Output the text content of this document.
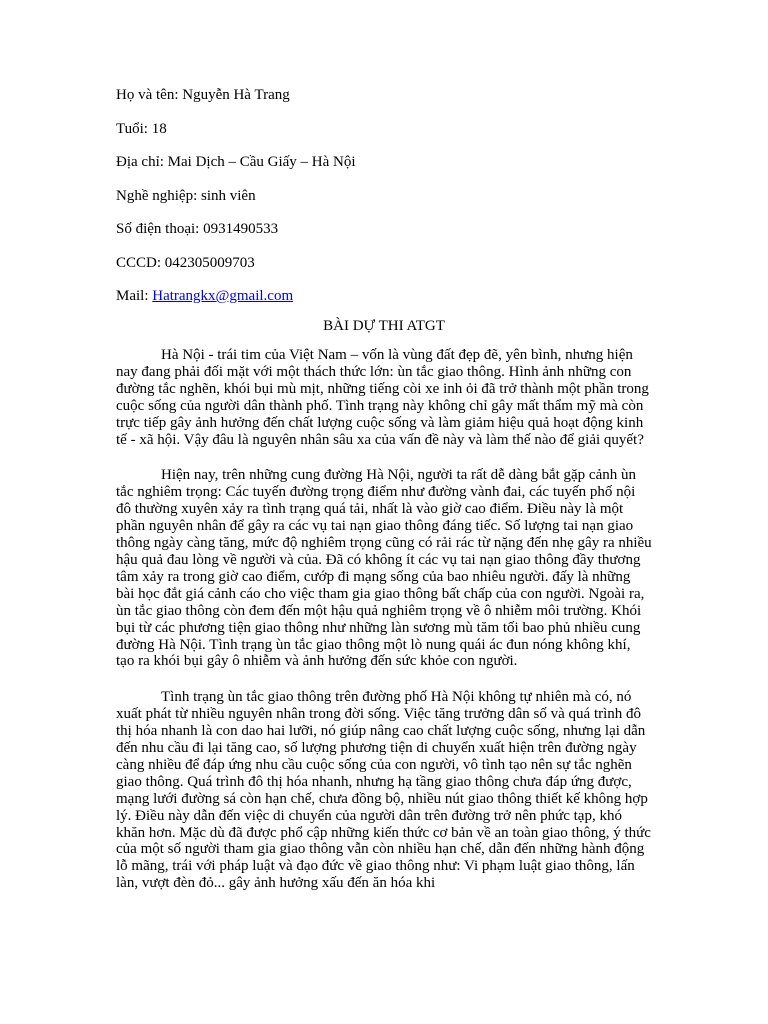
Họ và tên: Nguyễn Hà Trang
Tuổi: 18
Địa chỉ: Mai Dịch – Cầu Giấy – Hà Nội
Nghề nghiệp: sinh viên
Số điện thoại: 0931490533
CCCD: 042305009703
Mail: Hatrangkx@gmail.com
BÀI DỰ THI ATGT

Hà Nội - trái tim của Việt Nam – vốn là vùng đất đẹp đẽ, yên bình, nhưng hiện nay đang phải đối mặt với một thách thức lớn: ùn tắc giao thông. Hình ảnh những con đường tắc nghẽn, khói bụi mù mịt, những tiếng còi xe inh ỏi đã trở thành một phần trong cuộc sống của người dân thành phố. Tình trạng này không chỉ gây mất thẩm mỹ mà còn trực tiếp gây ảnh hưởng đến chất lượng cuộc sống và làm giảm hiệu quả hoạt động kinh tế - xã hội. Vậy đâu là nguyên nhân sâu xa của vấn đề này và làm thế nào để giải quyết?

Hiện nay, trên những cung đường Hà Nội, người ta rất dễ dàng bắt gặp cảnh ùn tắc nghiêm trọng: Các tuyến đường trọng điểm như đường vành đai, các tuyến phố nội đô thường xuyên xảy ra tình trạng quá tải, nhất là vào giờ cao điểm. Điều này là một phần nguyên nhân để gây ra các vụ tai nạn giao thông đáng tiếc. Số lượng tai nạn giao thông ngày càng tăng, mức độ nghiêm trọng cũng có rải rác từ nặng đến nhẹ gây ra nhiều hậu quả đau lòng về người và của. Đã có không ít các vụ tai nạn giao thông đầy thương tâm xảy ra trong giờ cao điểm, cướp đi mạng sống của bao nhiêu người. đấy là những bài học đắt giá cảnh cáo cho việc tham gia giao thông bất chấp của con người. Ngoài ra, ùn tắc giao thông còn đem đến một hậu quả nghiêm trọng về ô nhiễm môi trường. Khói bụi từ các phương tiện giao thông như những làn sương mù tăm tối bao phủ nhiều cung đường Hà Nội. Tình trạng ùn tắc giao thông một lò nung quái ác đun nóng không khí, tạo ra khói bụi gây ô nhiễm và ảnh hưởng đến sức khỏe con người.

Tình trạng ùn tắc giao thông trên đường phố Hà Nội không tự nhiên mà có, nó xuất phát từ nhiều nguyên nhân trong đời sống. Việc tăng trưởng dân số và quá trình đô thị hóa nhanh là con dao hai lưỡi, nó giúp nâng cao chất lượng cuộc sống, nhưng lại dẫn đến nhu cầu đi lại tăng cao, số lượng phương tiện di chuyển xuất hiện trên đường ngày càng nhiều để đáp ứng nhu cầu cuộc sống của con người, vô tình tạo nên sự tắc nghẽn giao thông. Quá trình đô thị hóa nhanh, nhưng hạ tầng giao thông chưa đáp ứng được, mạng lưới đường sá còn hạn chế, chưa đồng bộ, nhiều nút giao thông thiết kế không hợp lý. Điều này dẫn đến việc di chuyển của người dân trên đường trở nên phức tạp, khó khăn hơn. Mặc dù đã được phổ cập những kiến thức cơ bản về an toàn giao thông, ý thức của một số người tham gia giao thông vẫn còn nhiều hạn chế, dẫn đến những hành động lỗ mãng, trái với pháp luật và đạo đức về giao thông như: Vi phạm luật giao thông, lấn làn, vượt đèn đỏ... gây ảnh hưởng xấu đến ăn hóa khi
